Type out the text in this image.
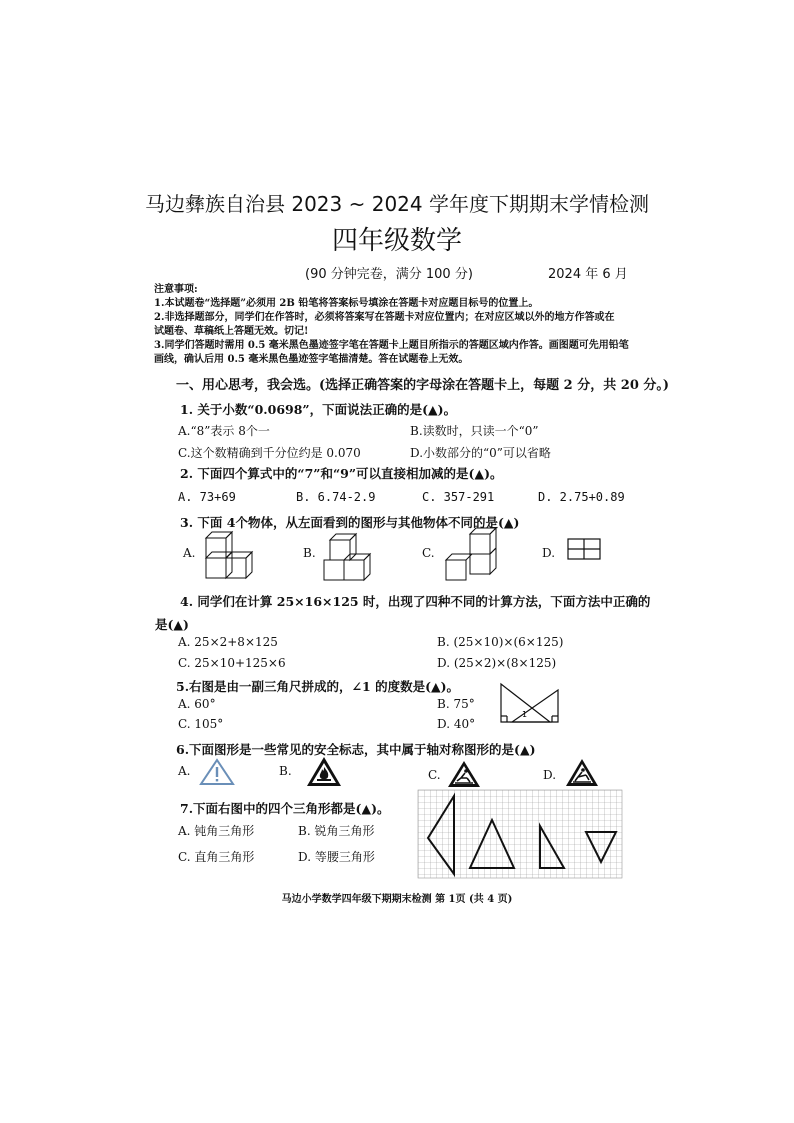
马边彝族自治县 2023 ~ 2024 学年度下期期末学情检测
四年级数学
(90 分钟完卷，满分 100 分)	2024 年 6 月
注意事项:
1.本试题卷“选择题”必须用 2B 铅笔将答案标号填涂在答题卡对应题目标号的位置上。
2.非选择题部分，同学们在作答时，必须将答案写在答题卡对应位置内；在对应区域以外的地方作答或在
试题卷、草稿纸上答题无效。切记!
3.同学们答题时需用 0.5 毫米黑色墨迹签字笔在答题卡上题目所指示的答题区域内作答。画图题可先用铅笔
画线，确认后用 0.5 毫米黑色墨迹签字笔描清楚。答在试题卷上无效。
一、用心思考，我会选。(选择正确答案的字母涂在答题卡上，每题 2 分，共 20 分。)
1. 关于小数“0.0698”，下面说法正确的是(▲)。
A.“8”表示 8个一	B.读数时，只读一个“0”
C.这个数精确到千分位约是 0.070	D.小数部分的“0”可以省略
2. 下面四个算式中的“7”和“9”可以直接相加减的是(▲)。
A. 73+69	B. 6.74-2.9	C. 357-291	D. 2.75+0.89
3. 下面 4个物体，从左面看到的图形与其他物体不同的是(▲)
A.	B.	C.	D.
4. 同学们在计算 25×16×125 时，出现了四种不同的计算方法，下面方法中正确的
是(▲)
A. 25×2+8×125	B. (25×10)×(6×125)
C. 25×10+125×6	D. (25×2)×(8×125)
5.右图是由一副三角尺拼成的，∠1 的度数是(▲)。
A. 60°	B. 75°
C. 105°	D. 40°
1
6.下面图形是一些常见的安全标志，其中属于轴对称图形的是(▲)
A.	B.	C.	D.
7.下面右图中的四个三角形都是(▲)。
A. 钝角三角形	B. 锐角三角形
C. 直角三角形	D. 等腰三角形
马边小学数学四年级下期期末检测 第 1页 (共 4 页)
